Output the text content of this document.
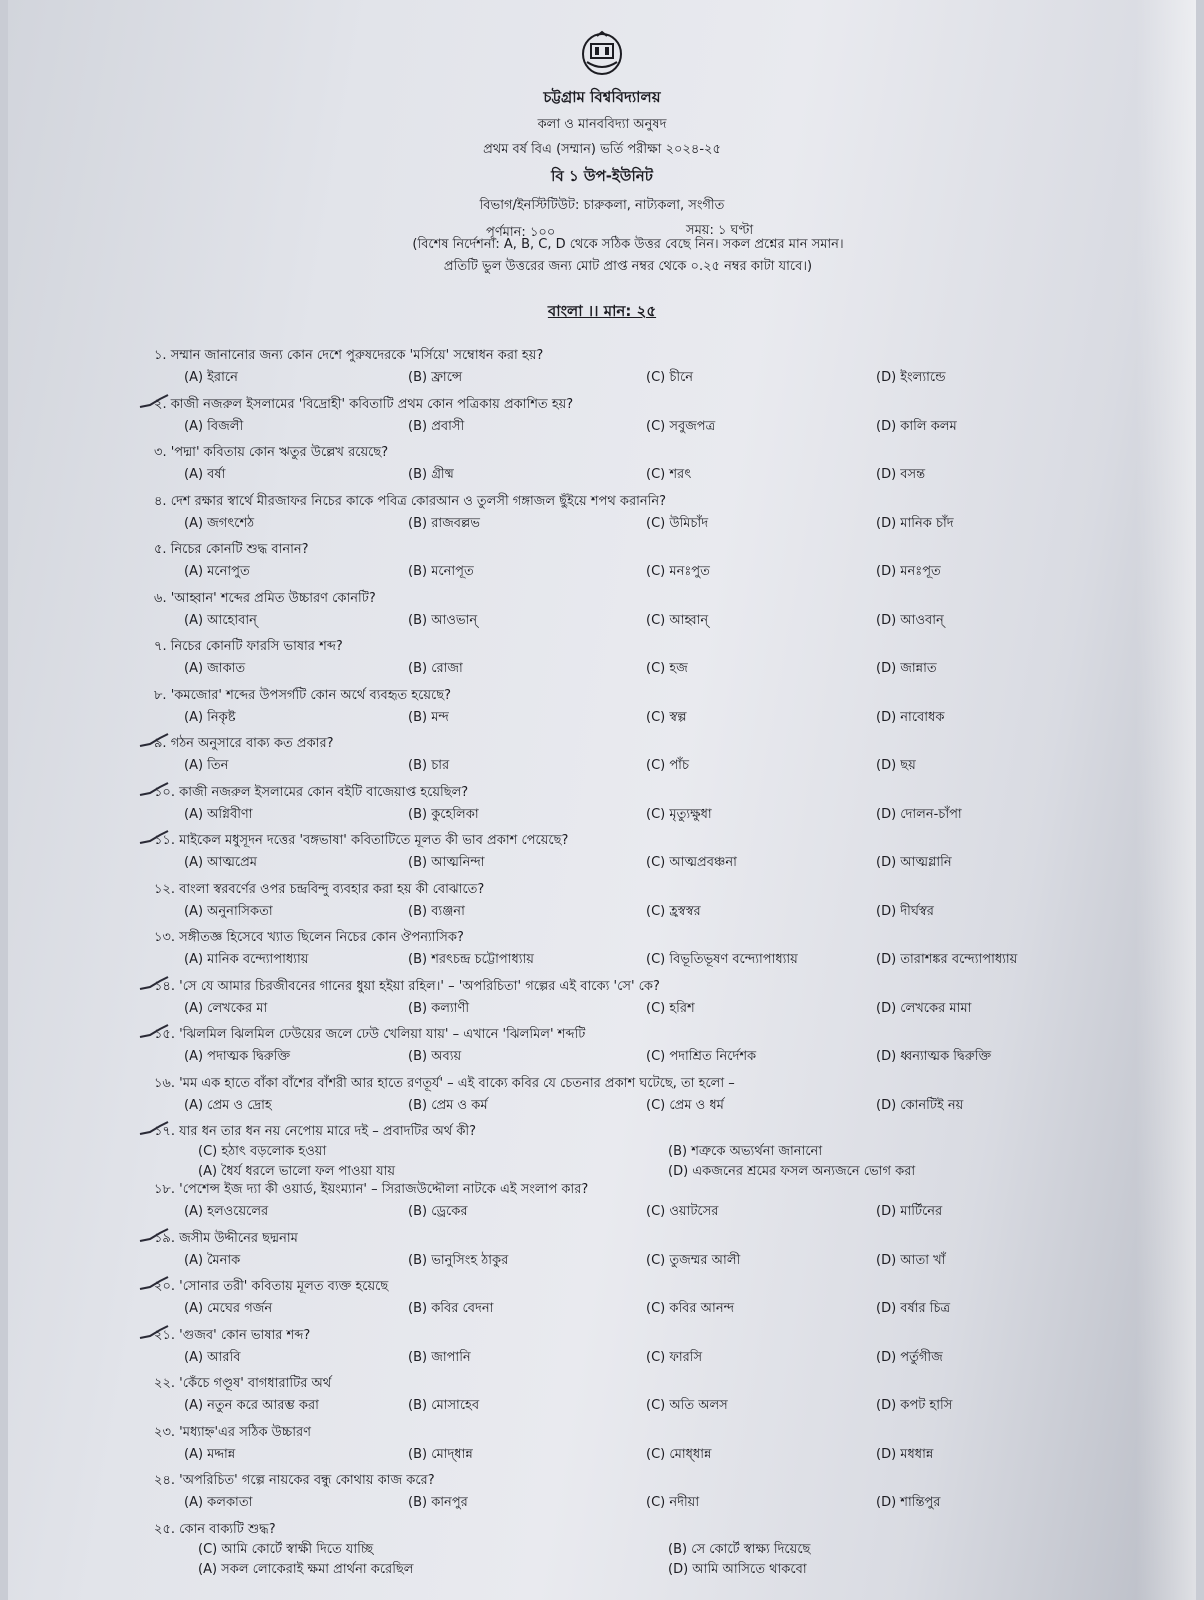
চট্টগ্রাম বিশ্ববিদ্যালয়
কলা ও মানববিদ্যা অনুষদ
প্রথম বর্ষ বিএ (সম্মান) ভর্তি পরীক্ষা ২০২৪-২৫
বি ১ উপ-ইউনিট
বিভাগ/ইনস্টিটিউট: চারুকলা, নাট্যকলা, সংগীত
পূর্ণমান: ১০০	সময়: ১ ঘণ্টা
(বিশেষ নির্দেশনা: A, B, C, D থেকে সঠিক উত্তর বেছে নিন। সকল প্রশ্নের মান সমান।
প্রতিটি ভুল উত্তরের জন্য মোট প্রাপ্ত নম্বর থেকে ০.২৫ নম্বর কাটা যাবে।)
বাংলা ।। মান: ২৫
১. সম্মান জানানোর জন্য কোন দেশে পুরুষদেরকে 'মর্সিয়ে' সম্বোধন করা হয়?
(A) ইরানে	(B) ফ্রান্সে	(C) চীনে	(D) ইংল্যান্ডে
২. কাজী নজরুল ইসলামের 'বিদ্রোহী' কবিতাটি প্রথম কোন পত্রিকায় প্রকাশিত হয়?
(A) বিজলী	(B) প্রবাসী	(C) সবুজপত্র	(D) কালি কলম
৩. 'পদ্মা' কবিতায় কোন ঋতুর উল্লেখ রয়েছে?
(A) বর্ষা	(B) গ্রীষ্ম	(C) শরৎ	(D) বসন্ত
৪. দেশ রক্ষার স্বার্থে মীরজাফর নিচের কাকে পবিত্র কোরআন ও তুলসী গঙ্গাজল ছুঁইয়ে শপথ করাননি?
(A) জগৎশেঠ	(B) রাজবল্লভ	(C) উমিচাঁদ	(D) মানিক চাঁদ
৫. নিচের কোনটি শুদ্ধ বানান?
(A) মনোপুত	(B) মনোপূত	(C) মনঃপুত	(D) মনঃপূত
৬. 'আহ্বান' শব্দের প্রমিত উচ্চারণ কোনটি?
(A) আহোবান্	(B) আওভান্	(C) আহ্বান্	(D) আওবান্
৭. নিচের কোনটি ফারসি ভাষার শব্দ?
(A) জাকাত	(B) রোজা	(C) হজ	(D) জান্নাত
৮. 'কমজোর' শব্দের উপসর্গটি কোন অর্থে ব্যবহৃত হয়েছে?
(A) নিকৃষ্ট	(B) মন্দ	(C) স্বল্প	(D) নাবোধক
৯. গঠন অনুসারে বাক্য কত প্রকার?
(A) তিন	(B) চার	(C) পাঁচ	(D) ছয়
১০. কাজী নজরুল ইসলামের কোন বইটি বাজেয়াপ্ত হয়েছিল?
(A) অগ্নিবীণা	(B) কুহেলিকা	(C) মৃত্যুক্ষুধা	(D) দোলন-চাঁপা
১১. মাইকেল মধুসূদন দত্তের 'বঙ্গভাষা' কবিতাটিতে মূলত কী ভাব প্রকাশ পেয়েছে?
(A) আত্মপ্রেম	(B) আত্মনিন্দা	(C) আত্মপ্রবঞ্চনা	(D) আত্মগ্লানি
১২. বাংলা স্বরবর্ণের ওপর চন্দ্রবিন্দু ব্যবহার করা হয় কী বোঝাতে?
(A) অনুনাসিকতা	(B) ব্যঞ্জনা	(C) হ্রস্বস্বর	(D) দীর্ঘস্বর
১৩. সঙ্গীতজ্ঞ হিসেবে খ্যাত ছিলেন নিচের কোন ঔপন্যাসিক?
(A) মানিক বন্দ্যোপাধ্যায়	(B) শরৎচন্দ্র চট্টোপাধ্যায়	(C) বিভূতিভূষণ বন্দ্যোপাধ্যায়	(D) তারাশঙ্কর বন্দ্যোপাধ্যায়
১৪. 'সে যে আমার চিরজীবনের গানের ধুয়া হইয়া রহিল।' – 'অপরিচিতা' গল্পের এই বাক্যে 'সে' কে?
(A) লেখকের মা	(B) কল্যাণী	(C) হরিশ	(D) লেখকের মামা
১৫. 'ঝিলমিল ঝিলমিল ঢেউয়ের জলে ঢেউ খেলিয়া যায়' – এখানে 'ঝিলমিল' শব্দটি
(A) পদাত্মক দ্বিরুক্তি	(B) অব্যয়	(C) পদাশ্রিত নির্দেশক	(D) ধ্বন্যাত্মক দ্বিরুক্তি
১৬. 'মম এক হাতে বাঁকা বাঁশের বাঁশরী আর হাতে রণতূর্য' – এই বাক্যে কবির যে চেতনার প্রকাশ ঘটেছে, তা হলো –
(A) প্রেম ও দ্রোহ	(B) প্রেম ও কর্ম	(C) প্রেম ও ধর্ম	(D) কোনটিই নয়
১৭. যার ধন তার ধন নয় নেপোয় মারে দই – প্রবাদটির অর্থ কী?
(A) ধৈর্য ধরলে ভালো ফল পাওয়া যায়
(B) শত্রুকে অভ্যর্থনা জানানো
(C) হঠাৎ বড়লোক হওয়া
(D) একজনের শ্রমের ফসল অন্যজনে ভোগ করা
১৮. 'পেশেন্স ইজ দ্যা কী ওয়ার্ড, ইয়ংম্যান' – সিরাজউদ্দৌলা নাটকে এই সংলাপ কার?
(A) হলওয়েলের	(B) ড্রেকের	(C) ওয়াটসের	(D) মার্টিনের
১৯. জসীম উদ্দীনের ছদ্মনাম
(A) মৈনাক	(B) ভানুসিংহ ঠাকুর	(C) তুজম্মর আলী	(D) আতা খাঁ
২০. 'সোনার তরী' কবিতায় মূলত ব্যক্ত হয়েছে
(A) মেঘের গর্জন	(B) কবির বেদনা	(C) কবির আনন্দ	(D) বর্ষার চিত্র
২১. 'গুজব' কোন ভাষার শব্দ?
(A) আরবি	(B) জাপানি	(C) ফারসি	(D) পর্তুগীজ
২২. 'কেঁচে গণ্ডূষ' বাগধারাটির অর্থ
(A) নতুন করে আরম্ভ করা	(B) মোসাহেব	(C) অতি অলস	(D) কপট হাসি
২৩. 'মধ্যাহ্ন'এর সঠিক উচ্চারণ
(A) মদ্দান্ন	(B) মোদ্‌ধান্ন	(C) মোধ্ধান্ন	(D) মধধান্ন
২৪. 'অপরিচিত' গল্পে নায়কের বন্ধু কোথায় কাজ করে?
(A) কলকাতা	(B) কানপুর	(C) নদীয়া	(D) শান্তিপুর
২৫. কোন বাক্যটি শুদ্ধ?
(A) সকল লোকেরাই ক্ষমা প্রার্থনা করেছিল
(B) সে কোর্টে স্বাক্ষ্য দিয়েছে
(C) আমি কোর্টে স্বাক্ষী দিতে যাচ্ছি
(D) আমি আসিতে থাকবো
